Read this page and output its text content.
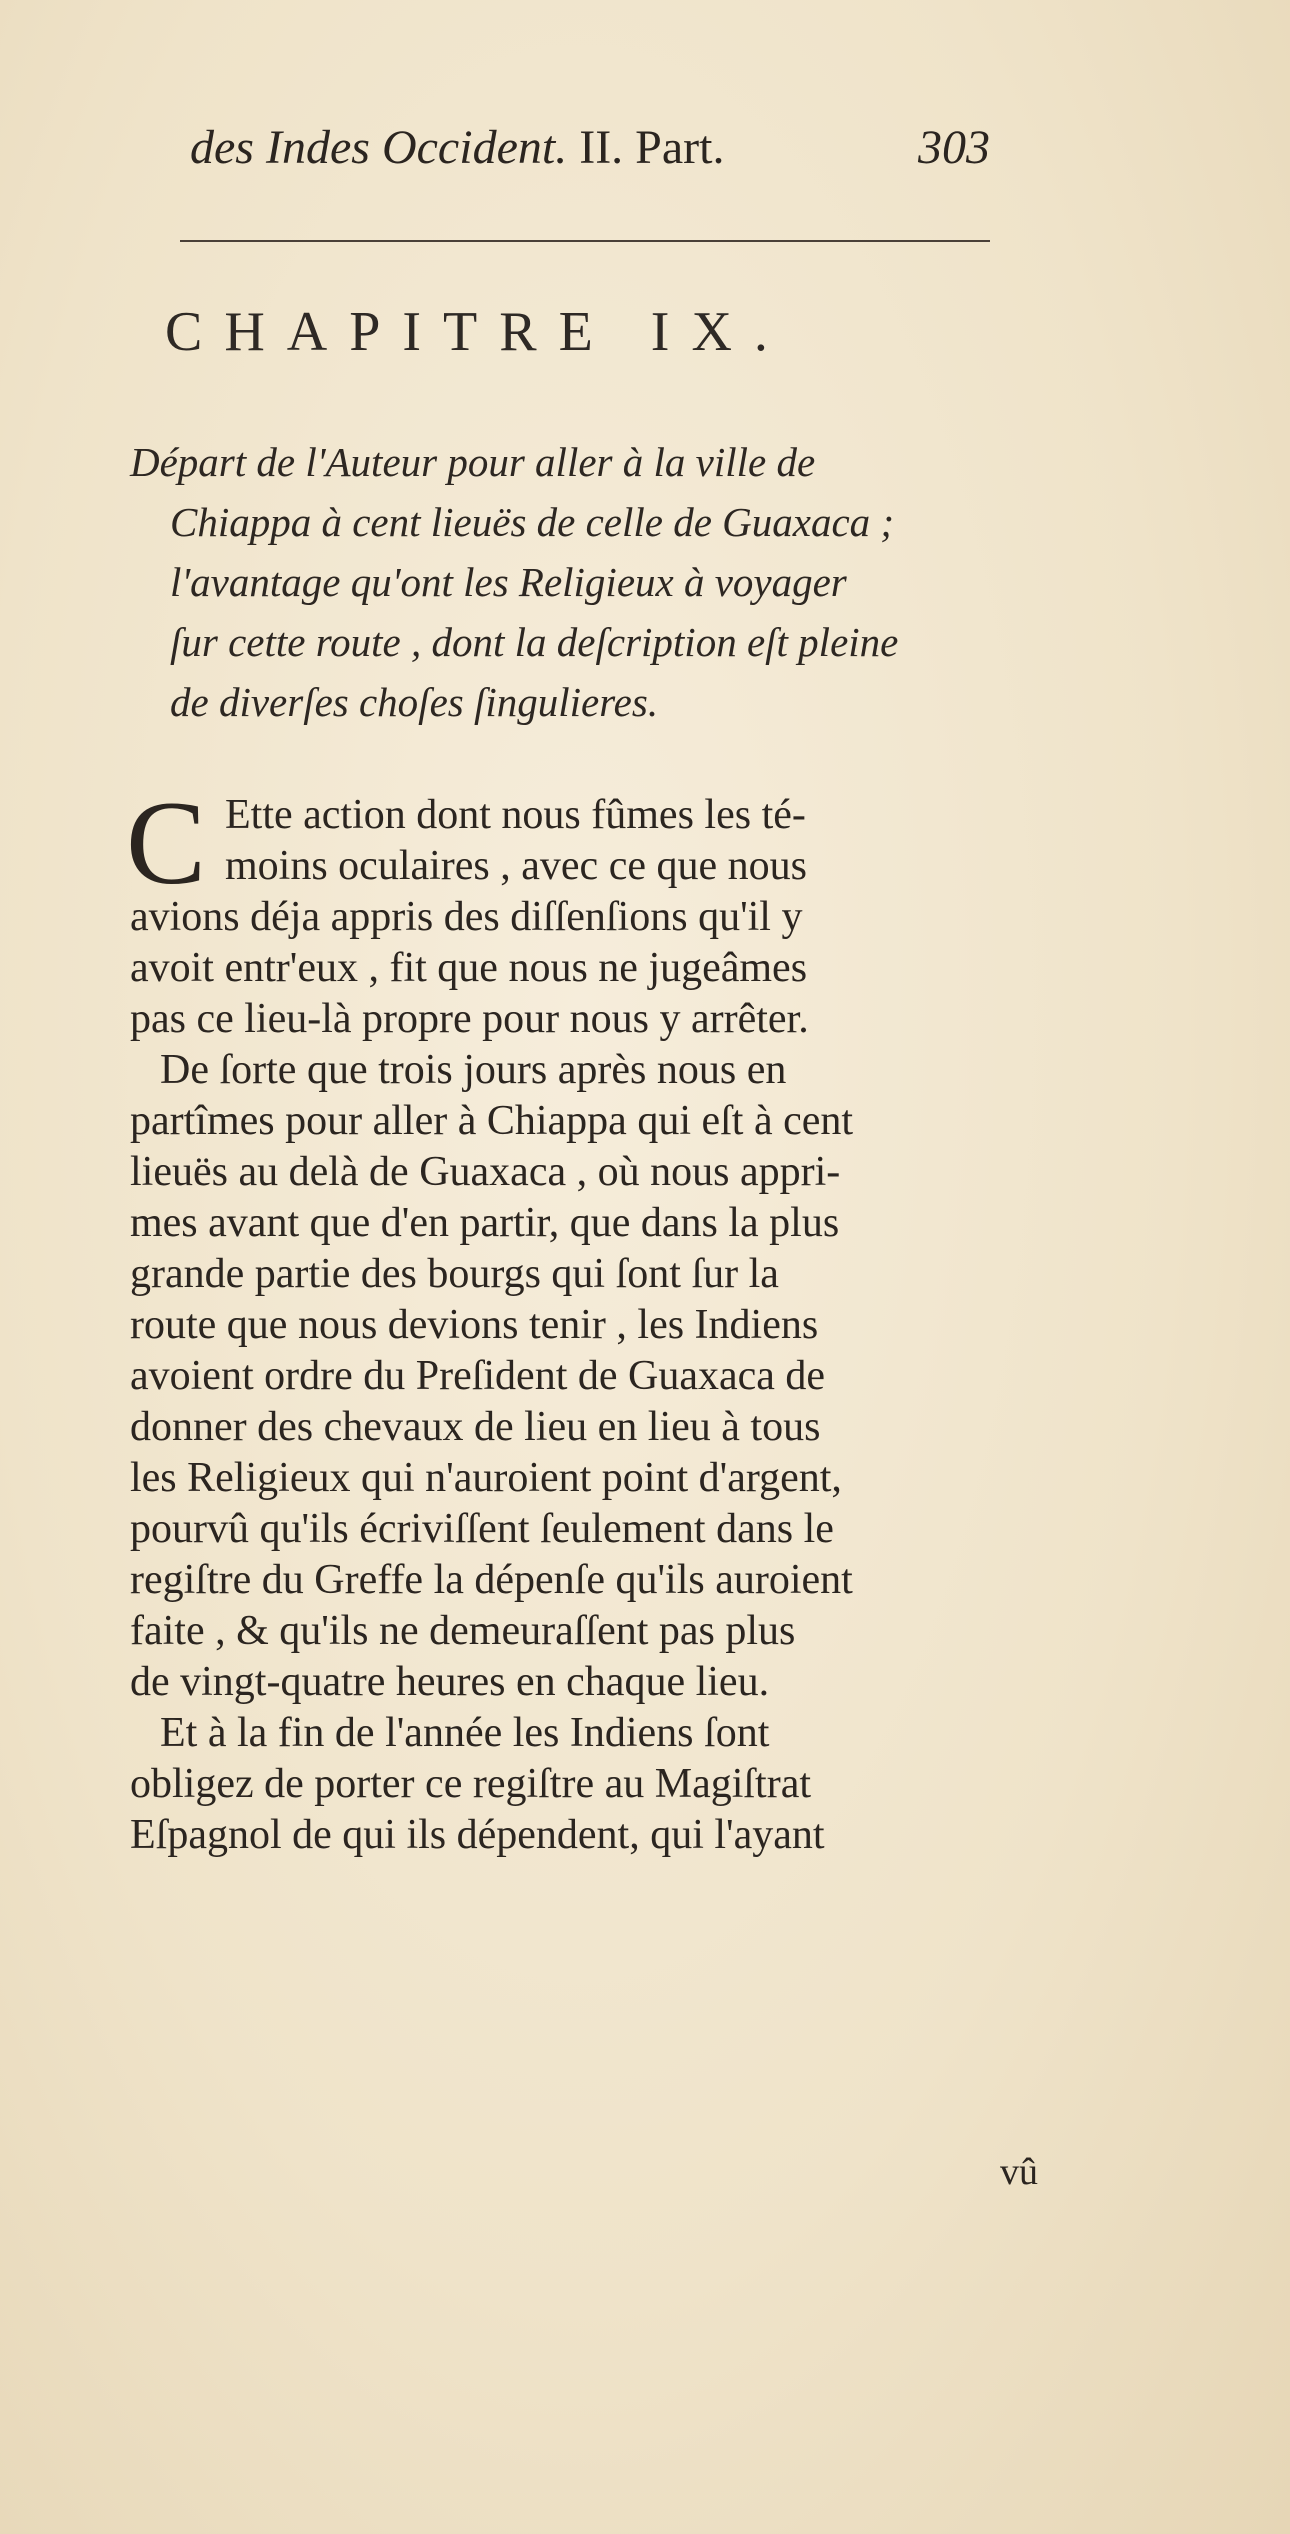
des Indes Occident. II. Part.	303
CHAPITRE IX.
Départ de l'Auteur pour aller à la ville de
Chiappa à cent lieuës de celle de Guaxaca ;
l'avantage qu'ont les Religieux à voyager
ſur cette route , dont la deſcription eſt pleine
de diverſes choſes ſingulieres.
C Ette action dont nous fûmes les té-
moins oculaires , avec ce que nous
avions déja appris des diſſenſions qu'il y
avoit entr'eux , fit que nous ne jugeâmes
pas ce lieu-là propre pour nous y arrêter.
De ſorte que trois jours après nous en
partîmes pour aller à Chiappa qui eſt à cent
lieuës au delà de Guaxaca , où nous appri-
mes avant que d'en partir, que dans la plus
grande partie des bourgs qui ſont ſur la
route que nous devions tenir , les Indiens
avoient ordre du Preſident de Guaxaca de
donner des chevaux de lieu en lieu à tous
les Religieux qui n'auroient point d'argent,
pourvû qu'ils écriviſſent ſeulement dans le
regiſtre du Greffe la dépenſe qu'ils auroient
faite , & qu'ils ne demeuraſſent pas plus
de vingt-quatre heures en chaque lieu.
Et à la fin de l'année les Indiens ſont
obligez de porter ce regiſtre au Magiſtrat
Eſpagnol de qui ils dépendent, qui l'ayant
vû
